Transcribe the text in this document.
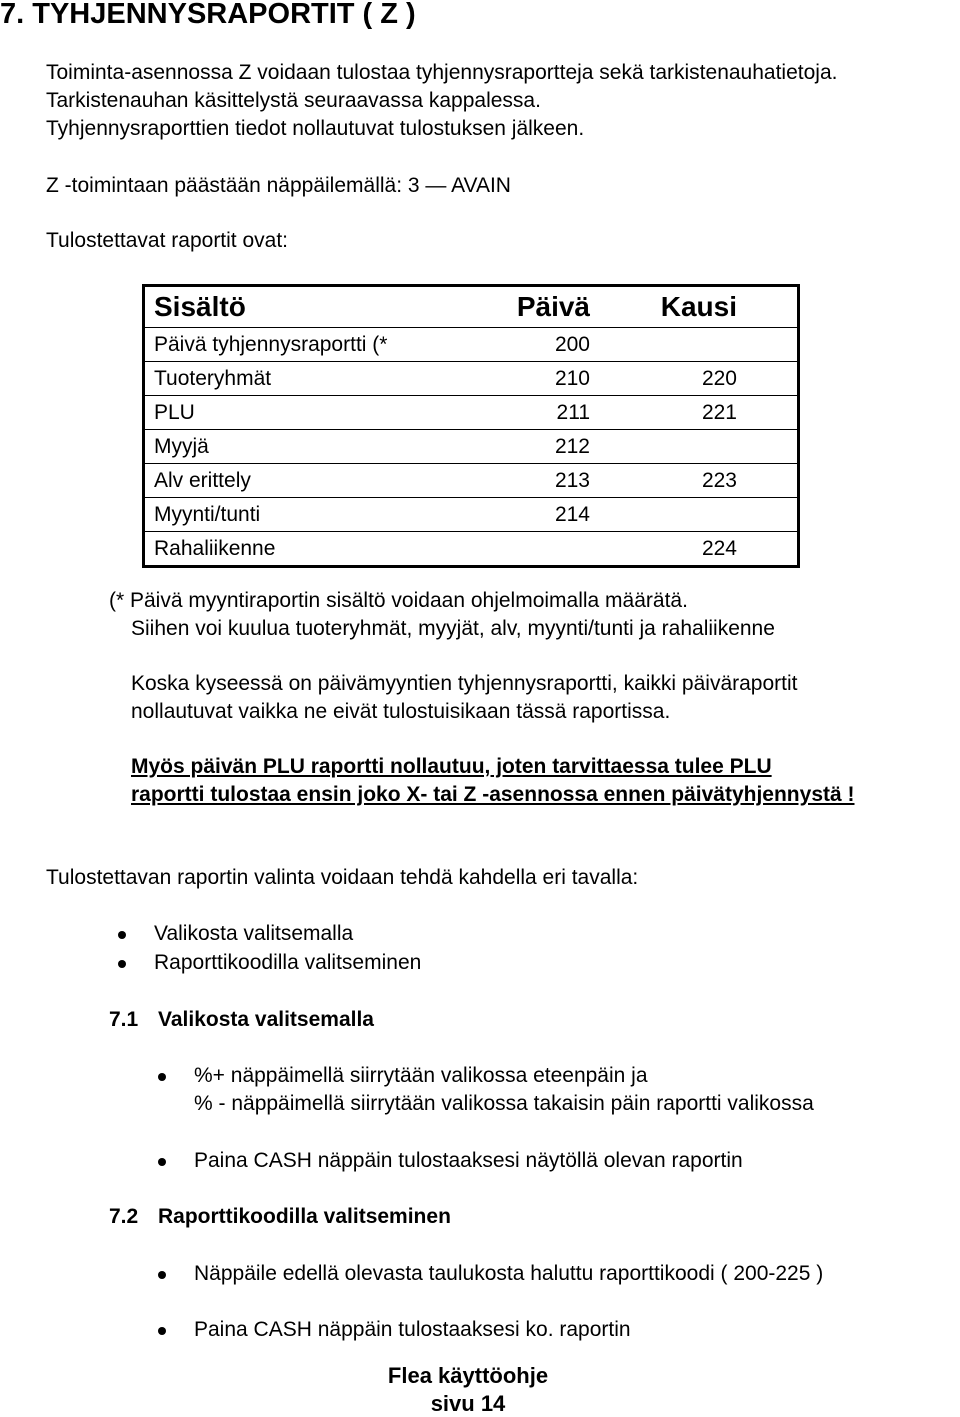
7. TYHJENNYSRAPORTIT ( Z )
Toiminta-asennossa Z voidaan tulostaa tyhjennysraportteja sekä tarkistenauhatietoja.
Tarkistenauhan käsittelystä seuraavassa kappalessa.
Tyhjennysraporttien tiedot nollautuvat tulostuksen jälkeen.
Z -toimintaan päästään näppäilemällä: 3 — AVAIN
Tulostettavat raportit ovat:
Sisältö	Päivä	Kausi
Päivä tyhjennysraportti (*	200	
Tuoteryhmät	210	220
PLU	211	221
Myyjä	212	
Alv erittely	213	223
Myynti/tunti	214	
Rahaliikenne		224
(* Päivä myyntiraportin sisältö voidaan ohjelmoimalla määrätä.
Siihen voi kuulua tuoteryhmät, myyjät, alv, myynti/tunti ja rahaliikenne
Koska kyseessä on päivämyyntien tyhjennysraportti, kaikki päiväraportit
nollautuvat vaikka ne eivät tulostuisikaan tässä raportissa.
Myös päivän PLU raportti nollautuu, joten tarvittaessa tulee PLU
raportti tulostaa ensin joko X- tai Z -asennossa ennen päivätyhjennystä !
Tulostettavan raportin valinta voidaan tehdä kahdella eri tavalla:
Valikosta valitsemalla
Raporttikoodilla valitseminen
7.1 Valikosta valitsemalla
%+ näppäimellä siirrytään valikossa eteenpäin ja
% - näppäimellä siirrytään valikossa takaisin päin raportti valikossa
Paina CASH näppäin tulostaaksesi näytöllä olevan raportin
7.2 Raporttikoodilla valitseminen
Näppäile edellä olevasta taulukosta haluttu raporttikoodi ( 200-225 )
Paina CASH näppäin tulostaaksesi ko. raportin
Flea käyttöohje
sivu 14
